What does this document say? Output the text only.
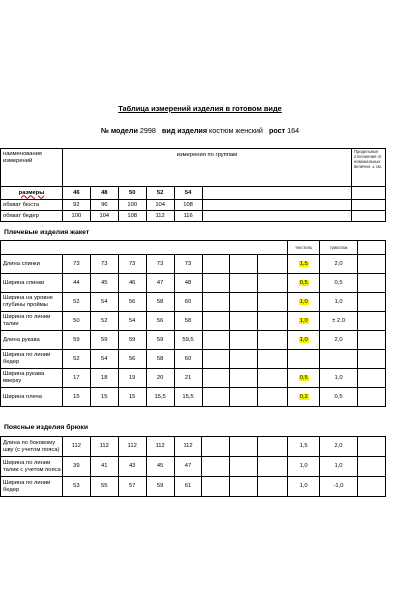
Таблица измерений изделия в готовом виде
№ модели 2998 вид изделия костюм женский рост 164
наименование измерений	измерения по группам						Предельные отклонения от номинальных величин, ± см.
размеры	46	48	50	52	54		
обхват бюста	92	96	100	104	108		
обхват бедер	100	104	108	112	116		
Плечевые изделия жакет
									текстиль	трикотаж	
Длина спинки	73	73	73	73	73				1,5	2,0	
Ширина спинки	44	45	46	47	48				0,5	0,5	
Ширина на уровне глубины проймы	52	54	56	58	60				1,0	1,0	
Ширина по линии талии	50	52	54	56	58				1,0	± 2,0	
Длина рукава	59	59	59	59	59,5				1,0	2,0	
Ширина по линии бедер	52	54	56	58	60						
Ширина рукава вверху	17	18	19	20	21				0,5	1,0	
Ширина плеча	15	15	15	15,5	15,5				0,2	0,5	
Поясные изделия брюки
Длина по боковому шву (с учетом пояса)	112	112	112	112	112				1,5	2,0	
Ширина по линии талии с учетом пояса	39	41	43	45	47				1,0	1,0	
Ширина по линии бедер	53	55	57	59	61				1,0	-1,0	
